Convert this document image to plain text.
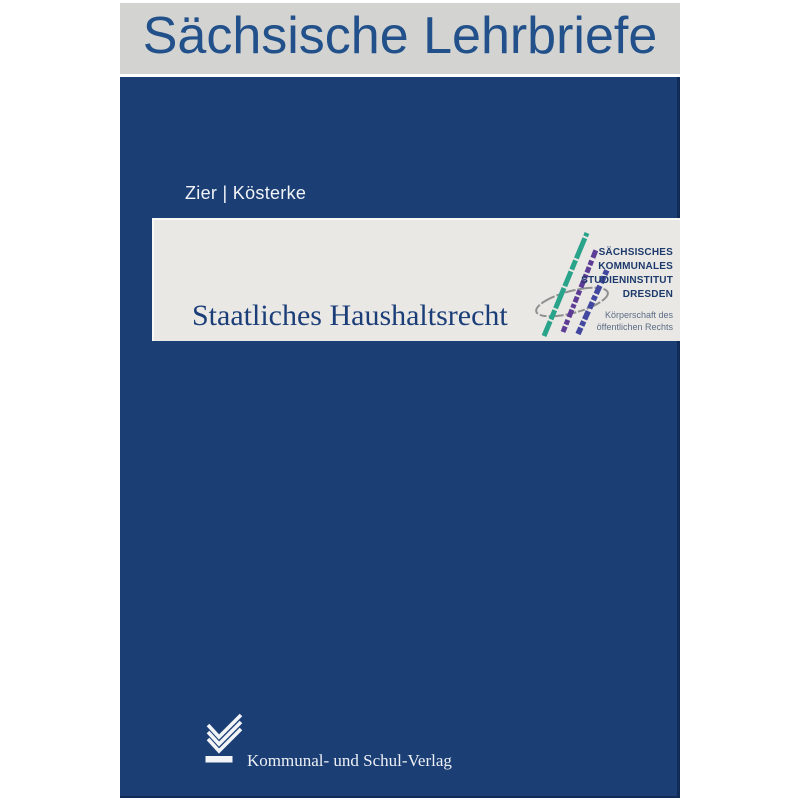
Sächsische Lehrbriefe
Zier | Kösterke
Staatliches Haushaltsrecht
SÄCHSISCHES
KOMMUNALES
STUDIENINSTITUT
DRESDEN
Körperschaft des
öffentlichen Rechts
Kommunal- und Schul-Verlag
